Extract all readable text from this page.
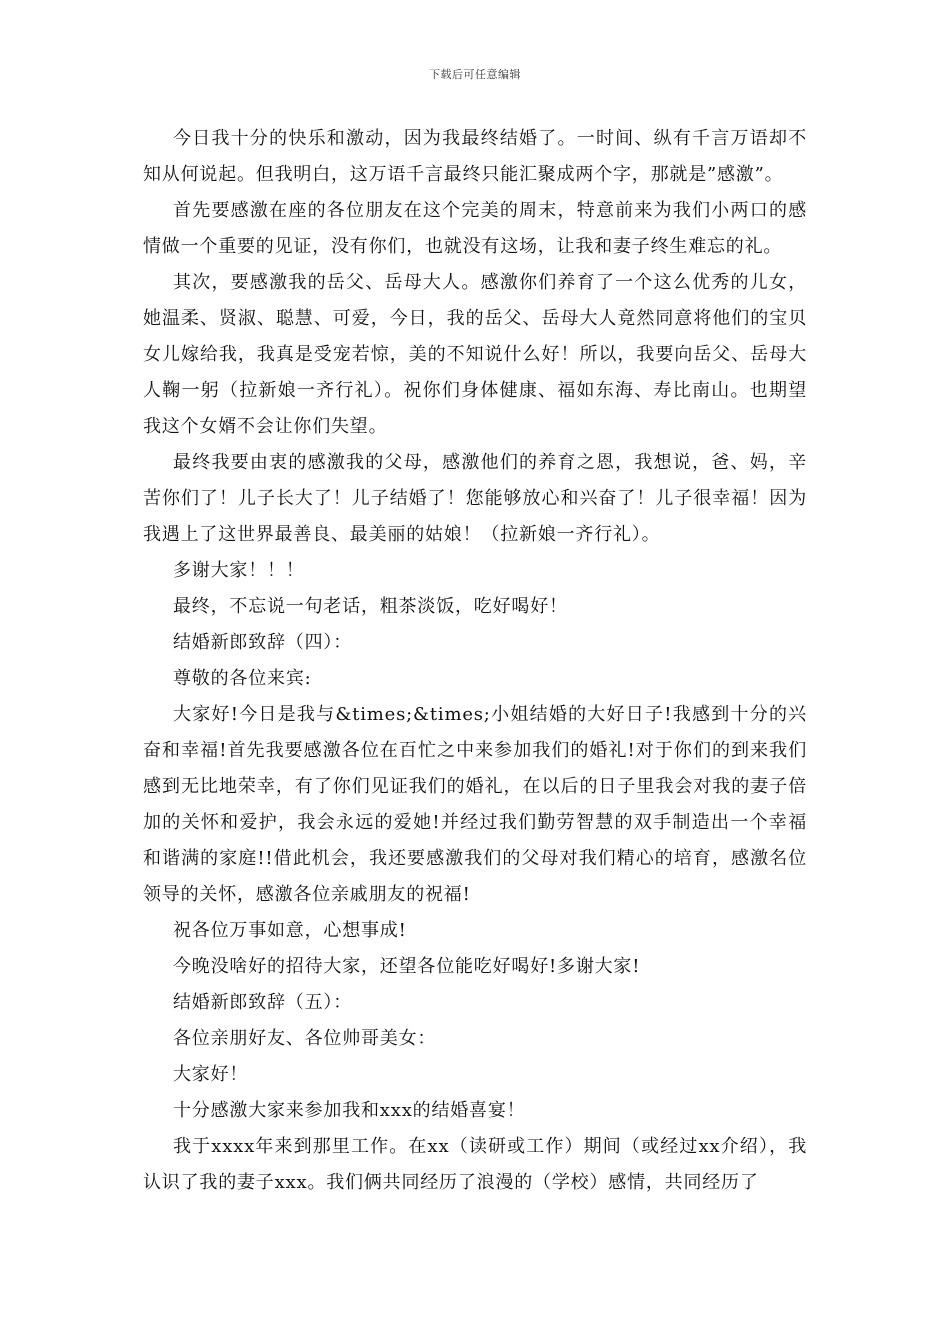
下载后可任意编辑

今日我十分的快乐和激动，因为我最终结婚了。一时间、纵有千言万语却不知从何说起。但我明白，这万语千言最终只能汇聚成两个字，那就是”感激”。

首先要感激在座的各位朋友在这个完美的周末，特意前来为我们小两口的感情做一个重要的见证，没有你们，也就没有这场，让我和妻子终生难忘的礼。

其次，要感激我的岳父、岳母大人。感激你们养育了一个这么优秀的儿女，她温柔、贤淑、聪慧、可爱，今日，我的岳父、岳母大人竟然同意将他们的宝贝女儿嫁给我，我真是受宠若惊，美的不知说什么好！所以，我要向岳父、岳母大人鞠一躬（拉新娘一齐行礼）。祝你们身体健康、福如东海、寿比南山。也期望我这个女婿不会让你们失望。

最终我要由衷的感激我的父母，感激他们的养育之恩，我想说，爸、妈，辛苦你们了！儿子长大了！儿子结婚了！您能够放心和兴奋了！儿子很幸福！因为我遇上了这世界最善良、最美丽的姑娘！（拉新娘一齐行礼）。

多谢大家！！！

最终，不忘说一句老话，粗茶淡饭，吃好喝好！

结婚新郎致辞（四）：

尊敬的各位来宾:

大家好!今日是我与&times;&times;小姐结婚的大好日子!我感到十分的兴奋和幸福!首先我要感激各位在百忙之中来参加我们的婚礼!对于你们的到来我们感到无比地荣幸，有了你们见证我们的婚礼，在以后的日子里我会对我的妻子倍加的关怀和爱护，我会永远的爱她!并经过我们勤劳智慧的双手制造出一个幸福和谐满的家庭!!借此机会，我还要感激我们的父母对我们精心的培育，感激名位领导的关怀，感激各位亲戚朋友的祝福!

祝各位万事如意，心想事成!

今晚没啥好的招待大家，还望各位能吃好喝好!多谢大家!

结婚新郎致辞（五）：

各位亲朋好友、各位帅哥美女：

大家好！

十分感激大家来参加我和xxx的结婚喜宴！

我于xxxx年来到那里工作。在xx（读研或工作）期间（或经过xx介绍），我认识了我的妻子xxx。我们俩共同经历了浪漫的（学校）感情，共同经历了
